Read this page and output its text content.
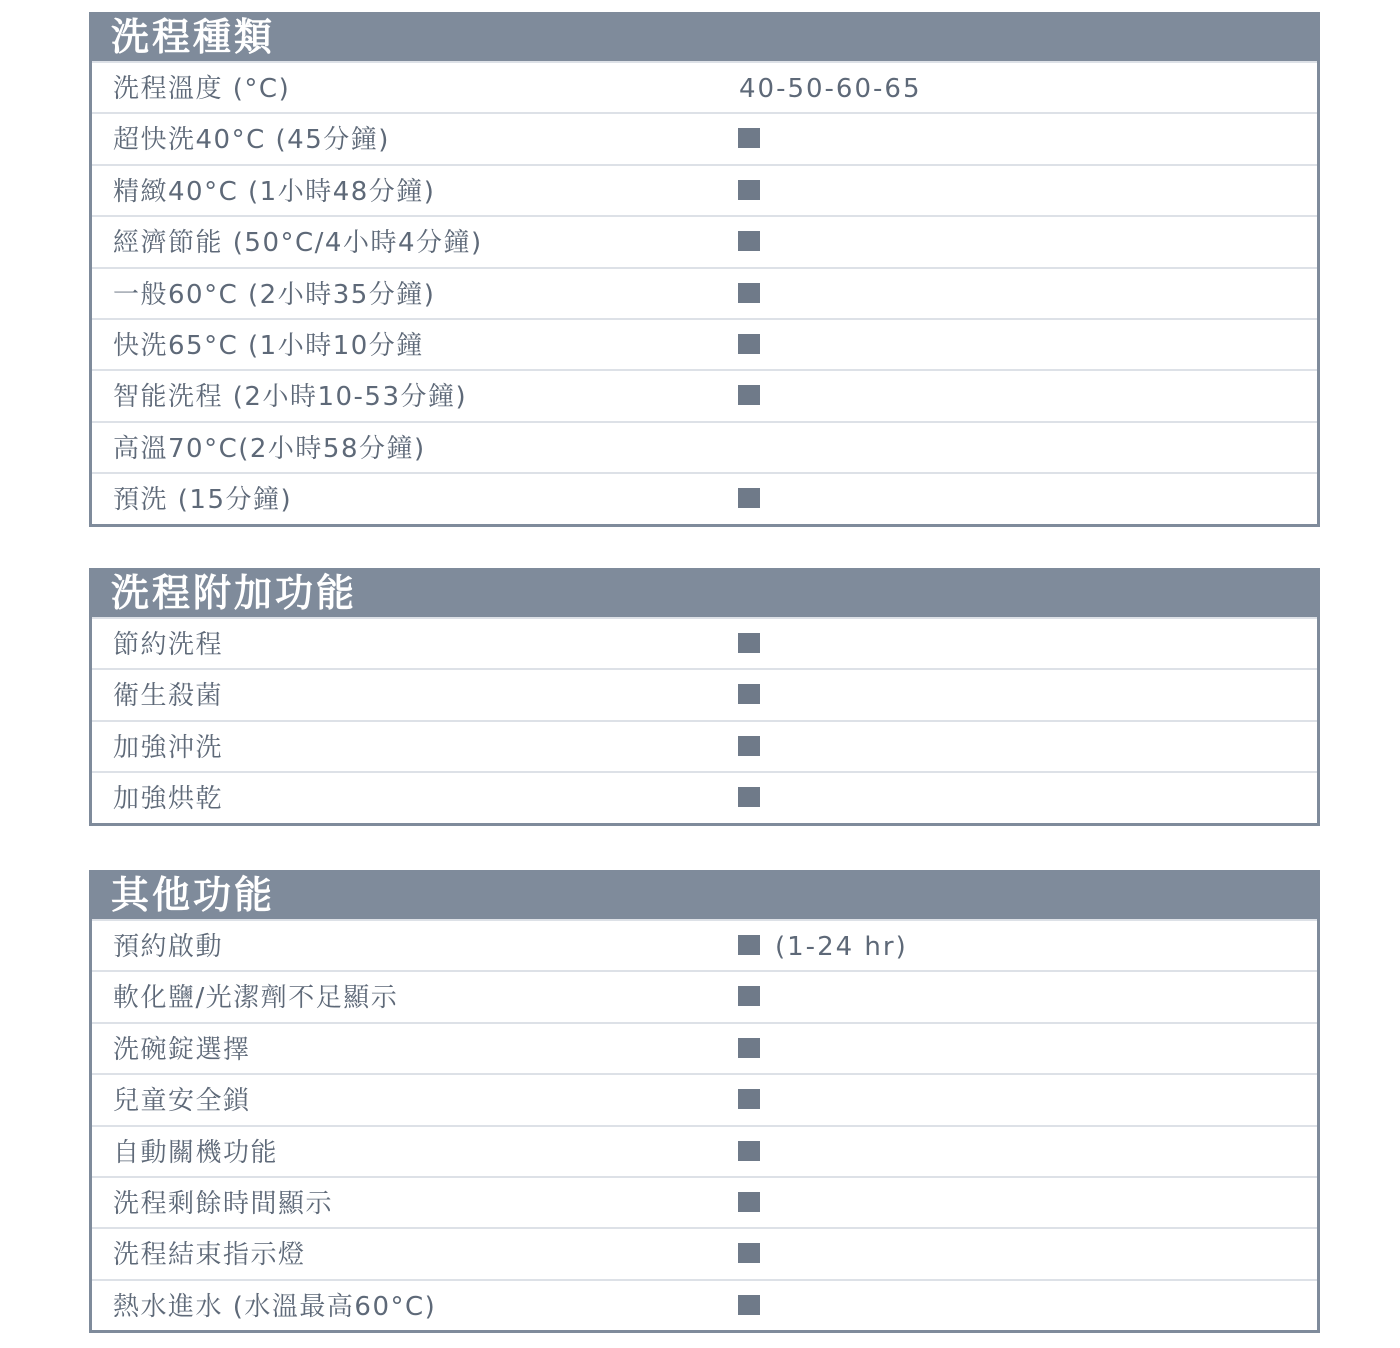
洗程種類
洗程溫度 (°C)	40-50-60-65
超快洗40°C (45分鐘)
精緻40°C (1小時48分鐘)
經濟節能 (50°C/4小時4分鐘)
一般60°C (2小時35分鐘)
快洗65°C (1小時10分鐘
智能洗程 (2小時10-53分鐘)
高溫70°C(2小時58分鐘)
預洗 (15分鐘)
洗程附加功能
節約洗程
衛生殺菌
加強沖洗
加強烘乾
其他功能
預約啟動	(1-24 hr)
軟化鹽/光潔劑不足顯示
洗碗錠選擇
兒童安全鎖
自動關機功能
洗程剩餘時間顯示
洗程結束指示燈
熱水進水 (水溫最高60°C)
